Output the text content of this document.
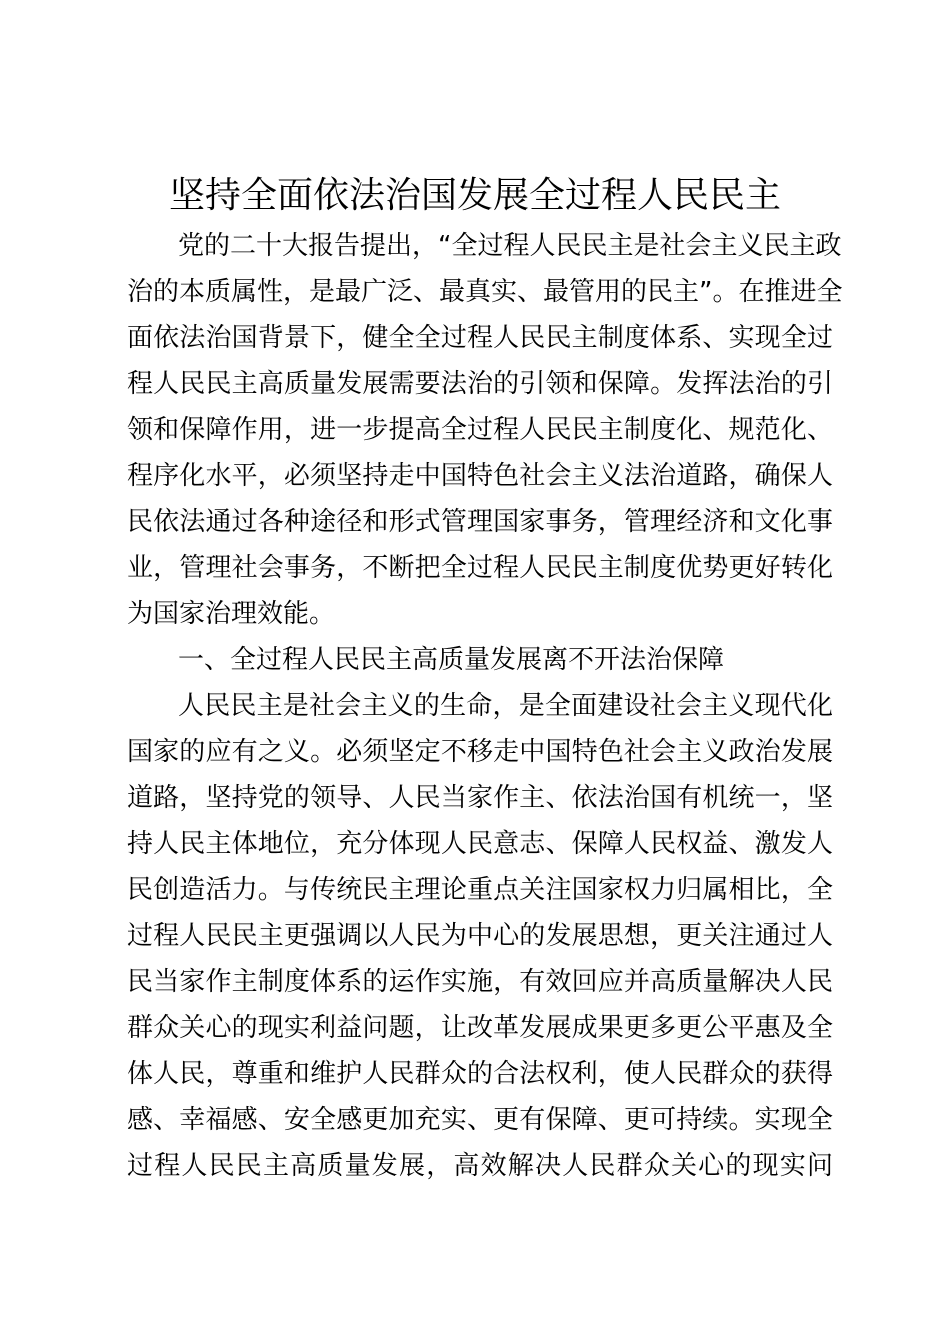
坚持全面依法治国发展全过程人民民主
党的二十大报告提出，“全过程人民民主是社会主义民主政
治的本质属性，是最广泛、最真实、最管用的民主”。在推进全
面依法治国背景下，健全全过程人民民主制度体系、实现全过
程人民民主高质量发展需要法治的引领和保障。发挥法治的引
领和保障作用，进一步提高全过程人民民主制度化、规范化、
程序化水平，必须坚持走中国特色社会主义法治道路，确保人
民依法通过各种途径和形式管理国家事务，管理经济和文化事
业，管理社会事务，不断把全过程人民民主制度优势更好转化
为国家治理效能。
一、全过程人民民主高质量发展离不开法治保障
人民民主是社会主义的生命，是全面建设社会主义现代化
国家的应有之义。必须坚定不移走中国特色社会主义政治发展
道路，坚持党的领导、人民当家作主、依法治国有机统一，坚
持人民主体地位，充分体现人民意志、保障人民权益、激发人
民创造活力。与传统民主理论重点关注国家权力归属相比，全
过程人民民主更强调以人民为中心的发展思想，更关注通过人
民当家作主制度体系的运作实施，有效回应并高质量解决人民
群众关心的现实利益问题，让改革发展成果更多更公平惠及全
体人民，尊重和维护人民群众的合法权利，使人民群众的获得
感、幸福感、安全感更加充实、更有保障、更可持续。实现全
过程人民民主高质量发展，高效解决人民群众关心的现实问
